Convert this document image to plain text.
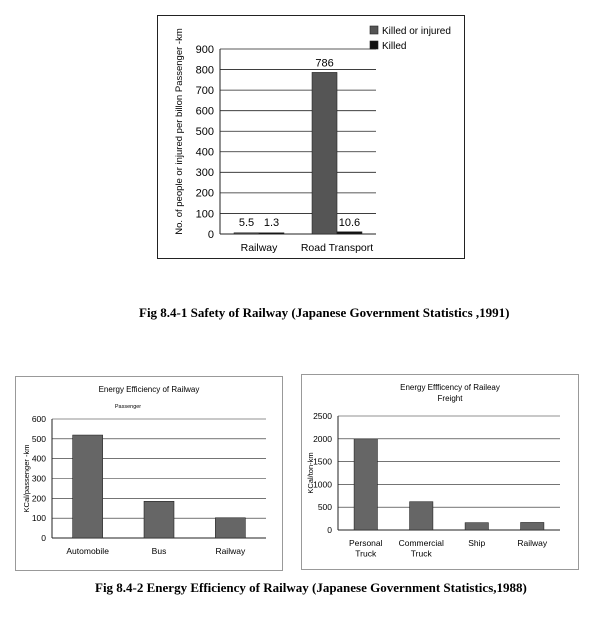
0
100
200
300
400
500
600
700
800
900
5.5 1.3
786
10.6
Railway Road Transport
No. of people or injured per billon Passenger -km	Killed or injured
Killed
Fig 8.4-1 Safety of Railway (Japanese Government Statistics ,1991)
Energy Efficiency of Railway
Passenger
0
100
200
300
400
500
600
Automobile	Bus	Railway
KCal/passenger -km
Energy Effficency of Raileay
Freight
0
500
1000
1500
2000
2500
Personal Truck
Commercial Truck
Ship	Railway
KCal/ton-km
Fig 8.4-2 Energy Efficiency of Railway (Japanese Government Statistics,1988)
